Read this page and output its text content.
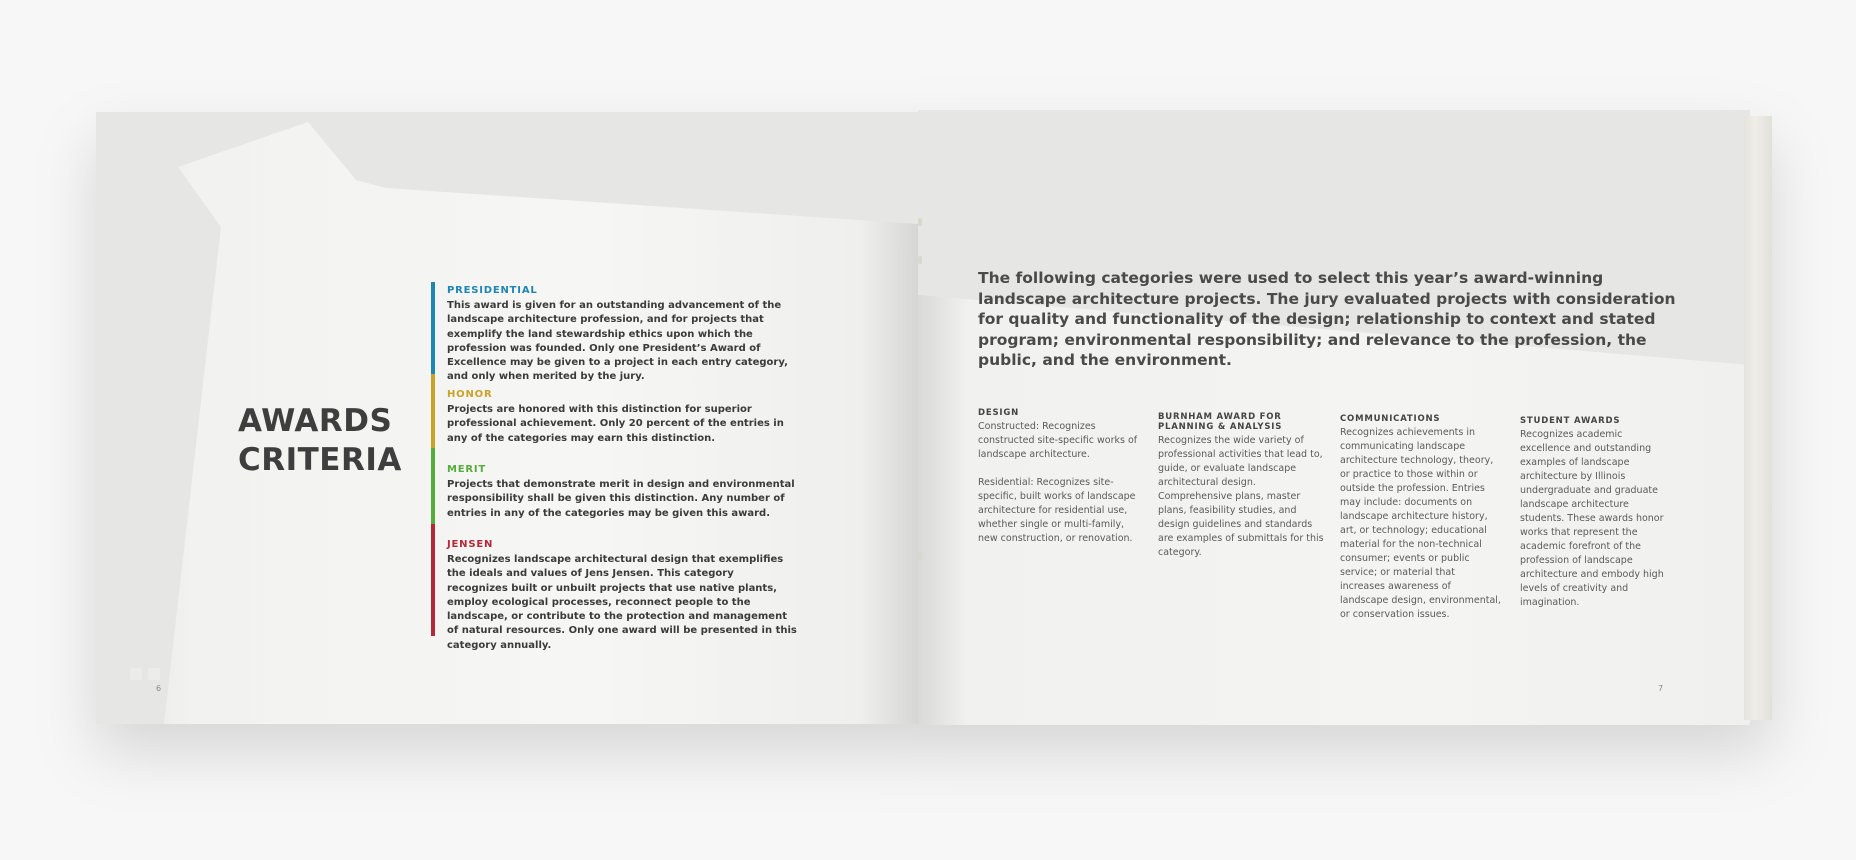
AWARDS
CRITERIA
PRESIDENTIAL
This award is given for an outstanding advancement of the landscape architecture profession, and for projects that exemplify the land stewardship ethics upon which the profession was founded. Only one President’s Award of Excellence may be given to a project in each entry category, and only when merited by the jury.
HONOR
Projects are honored with this distinction for superior professional achievement. Only 20 percent of the entries in any of the categories may earn this distinction.
MERIT
Projects that demonstrate merit in design and environmental responsibility shall be given this distinction. Any number of entries in any of the categories may be given this award.
JENSEN
Recognizes landscape architectural design that exemplifies the ideals and values of Jens Jensen. This category recognizes built or unbuilt projects that use native plants, employ ecological processes, reconnect people to the landscape, or contribute to the protection and management of natural resources. Only one award will be presented in this category annually.
6
The following categories were used to select this year’s award-winning landscape architecture projects. The jury evaluated projects with consideration for quality and functionality of the design; relationship to context and stated program; environmental responsibility; and relevance to the profession, the public, and the environment.
DESIGN
Constructed: Recognizes constructed site-specific works of landscape architecture.

Residential: Recognizes site-specific, built works of landscape architecture for residential use, whether single or multi-family, new construction, or renovation.
BURNHAM AWARD FOR PLANNING & ANALYSIS
Recognizes the wide variety of professional activities that lead to, guide, or evaluate landscape architectural design. Comprehensive plans, master plans, feasibility studies, and design guidelines and standards are examples of submittals for this category.
COMMUNICATIONS
Recognizes achievements in communicating landscape architecture technology, theory, or practice to those within or outside the profession. Entries may include: documents on landscape architecture history, art, or technology; educational material for the non-technical consumer; events or public service; or material that increases awareness of landscape design, environmental, or conservation issues.
STUDENT AWARDS
Recognizes academic excellence and outstanding examples of landscape architecture by Illinois undergraduate and graduate landscape architecture students. These awards honor works that represent the academic forefront of the profession of landscape architecture and embody high levels of creativity and imagination.
7
